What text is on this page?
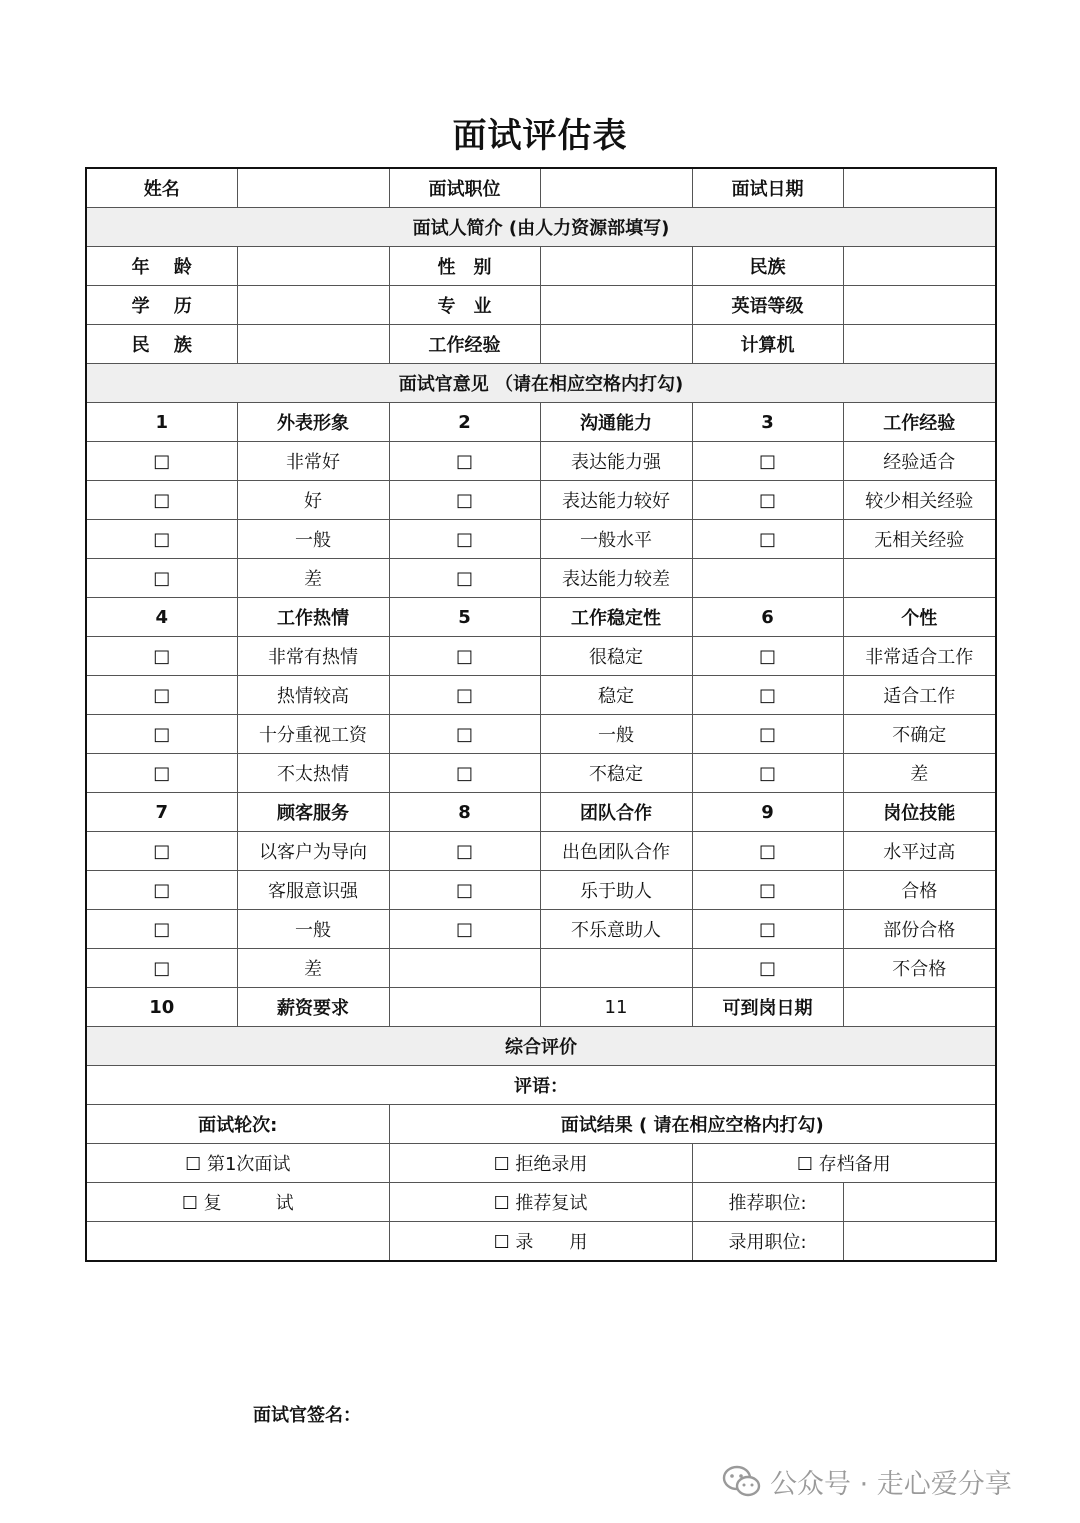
面试评估表
姓名		面试职位		面试日期	
面试人简介 (由人力资源部填写)					
年　 龄		性　别		民族	
学　 历		专　业		英语等级	
民　 族		工作经验		计算机	
面试官意见 （请在相应空格内打勾)					
1	外表形象	2	沟通能力	3	工作经验
□	非常好	□	表达能力强	□	经验适合
□	好	□	表达能力较好	□	较少相关经验
□	一般	□	一般水平	□	无相关经验
□	差	□	表达能力较差		
4	工作热情	5	工作稳定性	6	个性
□	非常有热情	□	很稳定	□	非常适合工作
□	热情较高	□	稳定	□	适合工作
□	十分重视工资	□	一般	□	不确定
□	不太热情	□	不稳定	□	差
7	顾客服务	8	团队合作	9	岗位技能
□	以客户为导向	□	出色团队合作	□	水平过高
□	客服意识强	□	乐于助人	□	合格
□	一般	□	不乐意助人	□	部份合格
□	差			□	不合格
10	薪资要求		11	可到岗日期	
综合评价					
评语：					
面试轮次:		面试结果 ( 请在相应空格内打勾)			
☐ 第1次面试		☐ 拒绝录用		☐ 存档备用	
☐ 复　　　试		☐ 推荐复试		推荐职位:	
		☐ 录　　用		录用职位:	
面试官签名：
公众号 · 走心爱分享
